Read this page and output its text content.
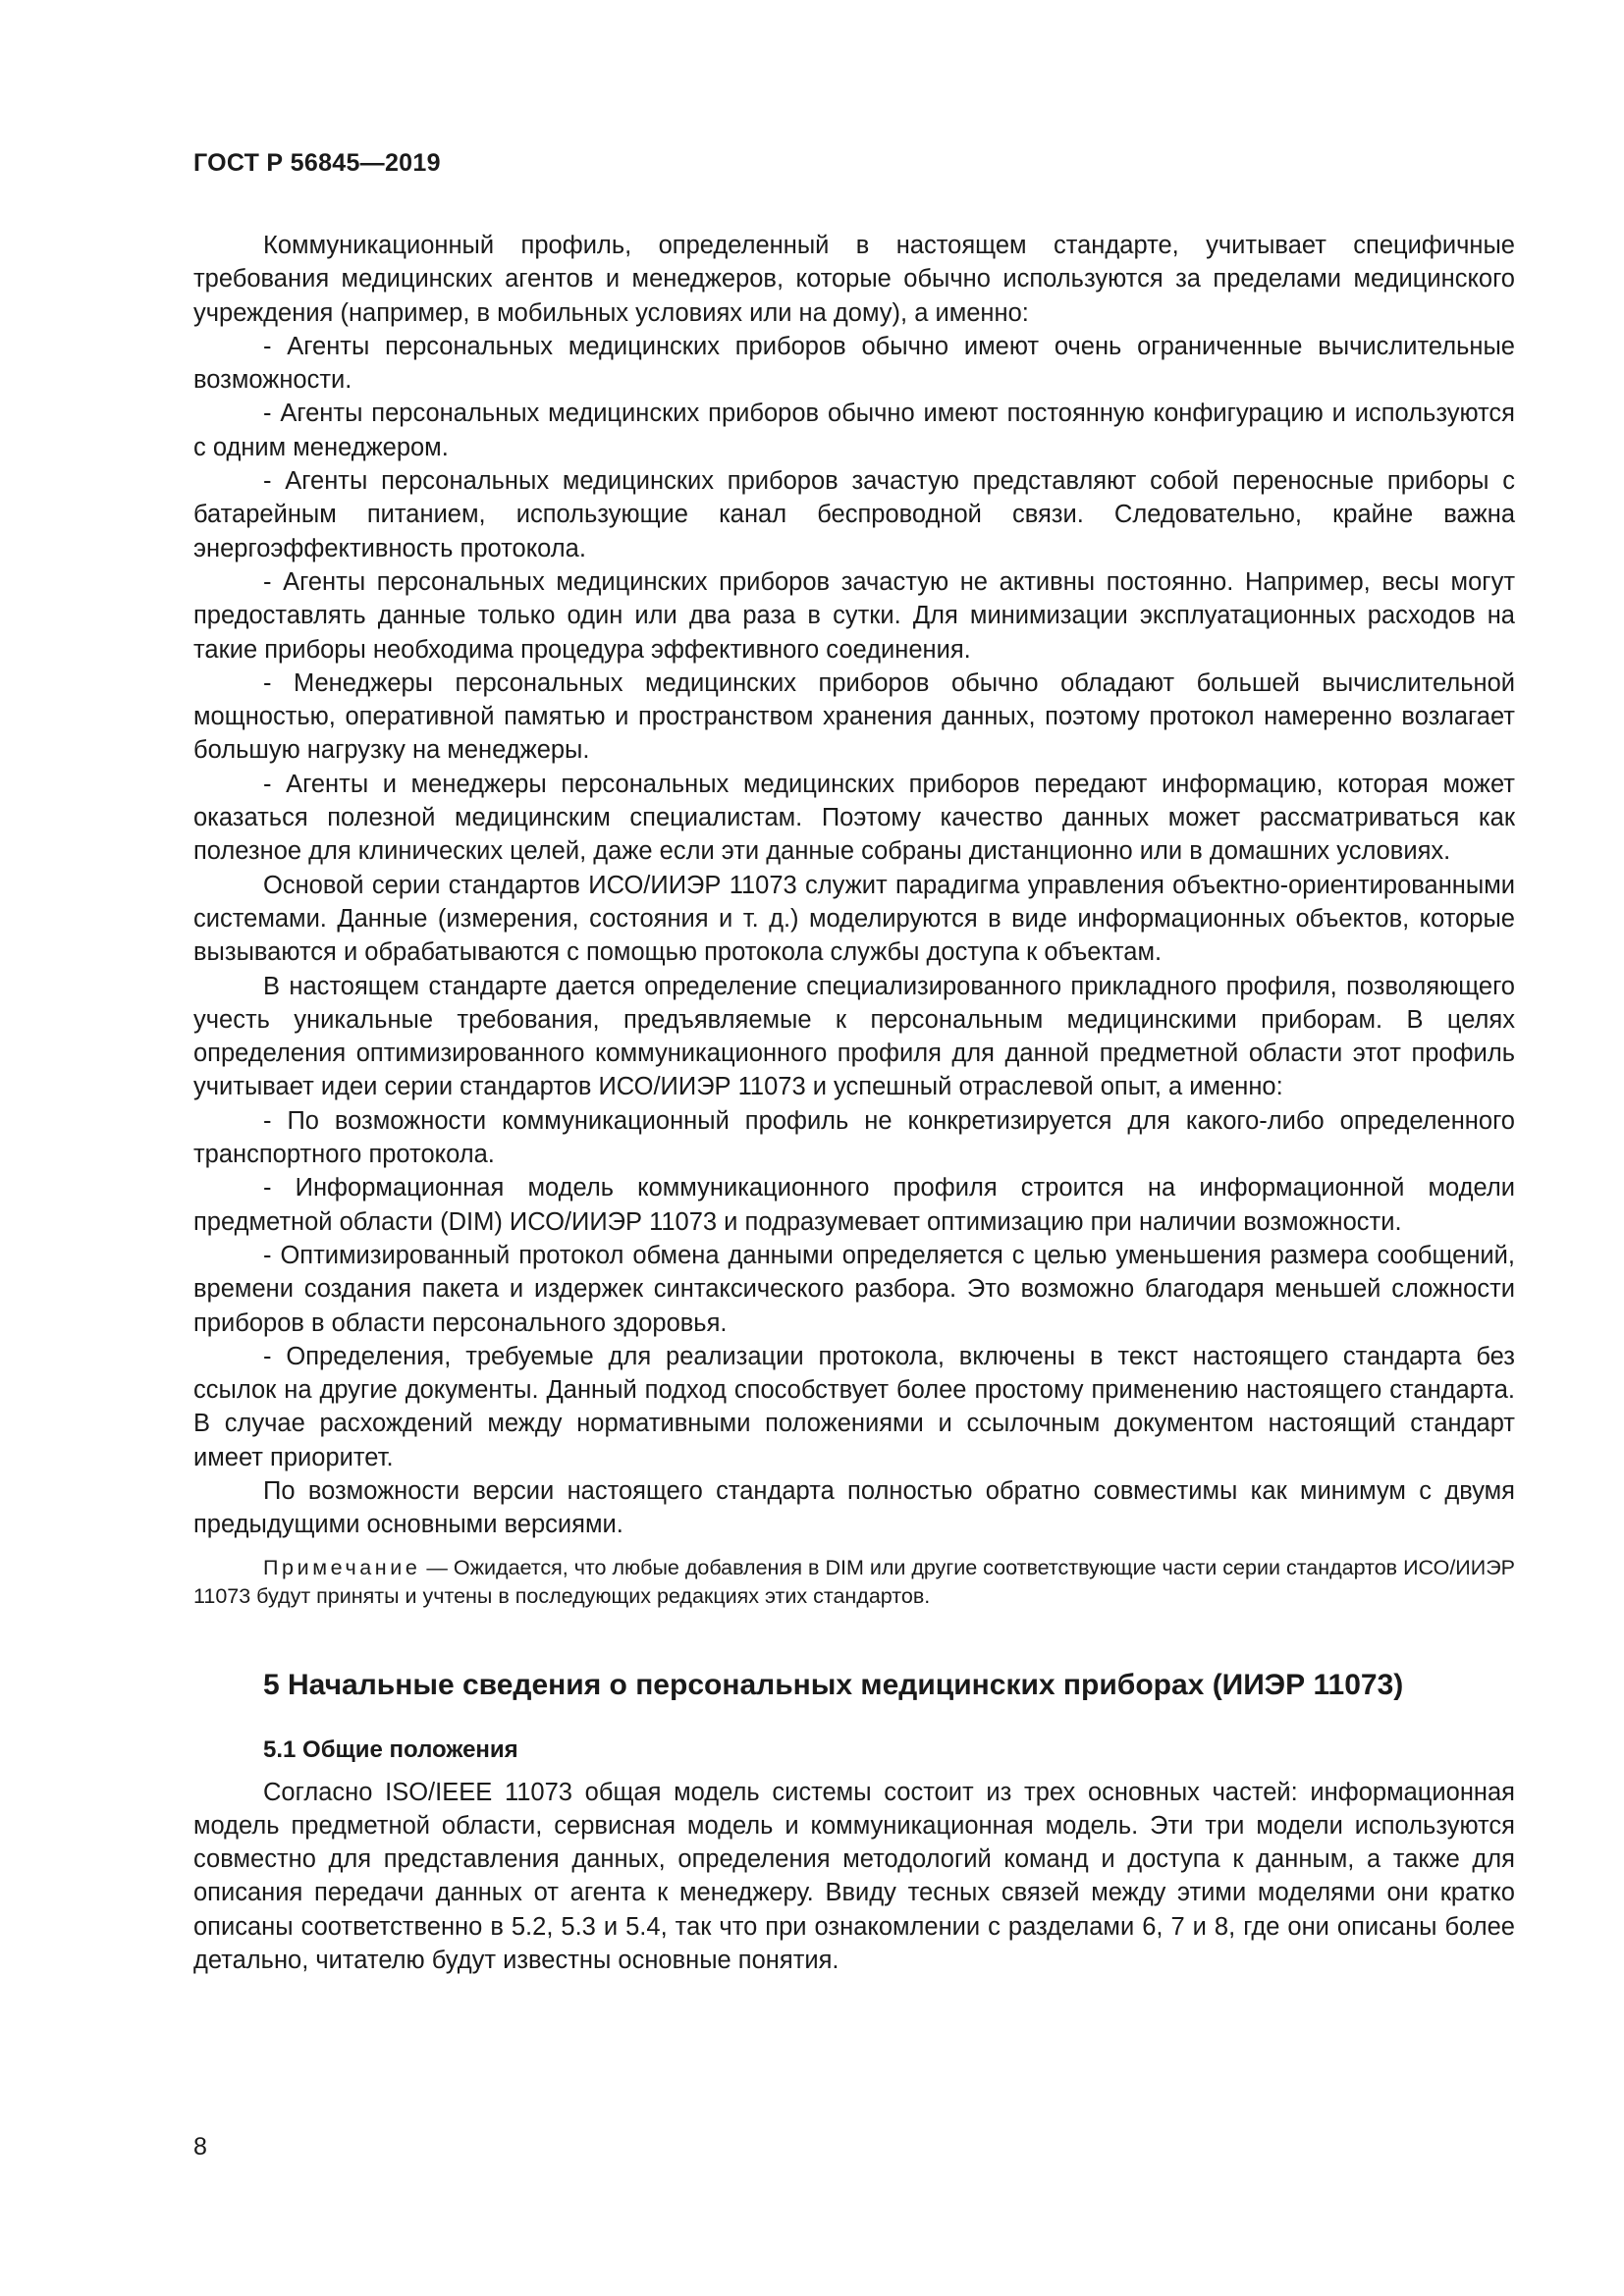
ГОСТ Р 56845—2019

Коммуникационный профиль, определенный в настоящем стандарте, учитывает специфичные требования медицинских агентов и менеджеров, которые обычно используются за пределами медицинского учреждения (например, в мобильных условиях или на дому), а именно:

- Агенты персональных медицинских приборов обычно имеют очень ограниченные вычислительные возможности.

- Агенты персональных медицинских приборов обычно имеют постоянную конфигурацию и используются с одним менеджером.

- Агенты персональных медицинских приборов зачастую представляют собой переносные приборы с батарейным питанием, использующие канал беспроводной связи. Следовательно, крайне важна энергоэффективность протокола.

- Агенты персональных медицинских приборов зачастую не активны постоянно. Например, весы могут предоставлять данные только один или два раза в сутки. Для минимизации эксплуатационных расходов на такие приборы необходима процедура эффективного соединения.

- Менеджеры персональных медицинских приборов обычно обладают большей вычислительной мощностью, оперативной памятью и пространством хранения данных, поэтому протокол намеренно возлагает большую нагрузку на менеджеры.

- Агенты и менеджеры персональных медицинских приборов передают информацию, которая может оказаться полезной медицинским специалистам. Поэтому качество данных может рассматриваться как полезное для клинических целей, даже если эти данные собраны дистанционно или в домашних условиях.

Основой серии стандартов ИСО/ИИЭР 11073 служит парадигма управления объектно-ориентированными системами. Данные (измерения, состояния и т. д.) моделируются в виде информационных объектов, которые вызываются и обрабатываются с помощью протокола службы доступа к объектам.

В настоящем стандарте дается определение специализированного прикладного профиля, позволяющего учесть уникальные требования, предъявляемые к персональным медицинскими приборам. В целях определения оптимизированного коммуникационного профиля для данной предметной области этот профиль учитывает идеи серии стандартов ИСО/ИИЭР 11073 и успешный отраслевой опыт, а именно:

- По возможности коммуникационный профиль не конкретизируется для какого-либо определенного транспортного протокола.

- Информационная модель коммуникационного профиля строится на информационной модели предметной области (DIM) ИСО/ИИЭР 11073 и подразумевает оптимизацию при наличии возможности.

- Оптимизированный протокол обмена данными определяется с целью уменьшения размера сообщений, времени создания пакета и издержек синтаксического разбора. Это возможно благодаря меньшей сложности приборов в области персонального здоровья.

- Определения, требуемые для реализации протокола, включены в текст настоящего стандарта без ссылок на другие документы. Данный подход способствует более простому применению настоящего стандарта. В случае расхождений между нормативными положениями и ссылочным документом настоящий стандарт имеет приоритет.

По возможности версии настоящего стандарта полностью обратно совместимы как минимум с двумя предыдущими основными версиями.

Примечание — Ожидается, что любые добавления в DIM или другие соответствующие части серии стандартов ИСО/ИИЭР 11073 будут приняты и учтены в последующих редакциях этих стандартов.

5 Начальные сведения о персональных медицинских приборах (ИИЭР 11073)
5.1 Общие положения

Согласно ISO/IEEE 11073 общая модель системы состоит из трех основных частей: информационная модель предметной области, сервисная модель и коммуникационная модель. Эти три модели используются совместно для представления данных, определения методологий команд и доступа к данным, а также для описания передачи данных от агента к менеджеру. Ввиду тесных связей между этими моделями они кратко описаны соответственно в 5.2, 5.3 и 5.4, так что при ознакомлении с разделами 6, 7 и 8, где они описаны более детально, читателю будут известны основные понятия.

8
